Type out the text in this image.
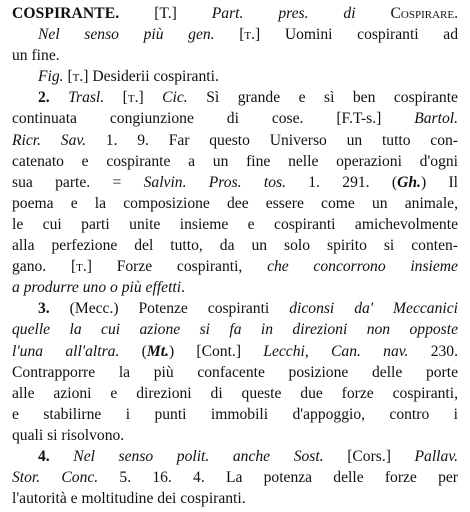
COSPIRANTE. [T.] Part. pres. di Cospirare.
Nel senso più gen. [т.] Uomini cospiranti ad
un fine.
Fig. [т.] Desiderii cospiranti.
2. Trasl. [т.] Cic. Sì grande e sì ben cospirante
continuata congiunzione di cose. [F.T-s.] Bartol.
Ricr. Sav. 1. 9. Far questo Universo un tutto con-
catenato e cospirante a un fine nelle operazioni d'ogni
sua parte. = Salvin. Pros. tos. 1. 291. (Gh.) Il
poema e la composizione dee essere come un animale,
le cui parti unite insieme e cospiranti amichevolmente
alla perfezione del tutto, da un solo spirito si conten-
gano. [т.] Forze cospiranti, che concorrono insieme
a produrre uno o più effetti.
3. (Mecc.) Potenze cospiranti diconsi da' Meccanici
quelle la cui azione si fa in direzioni non opposte
l'una all'altra. (Mt.) [Cont.] Lecchi, Can. nav. 230.
Contrapporre la più confacente posizione delle porte
alle azioni e direzioni di queste due forze cospiranti,
e stabilirne i punti immobili d'appoggio, contro i
quali si risolvono.
4. Nel senso polit. anche Sost. [Cors.] Pallav.
Stor. Conc. 5. 16. 4. La potenza delle forze per
l'autorità e moltitudine dei cospiranti.
